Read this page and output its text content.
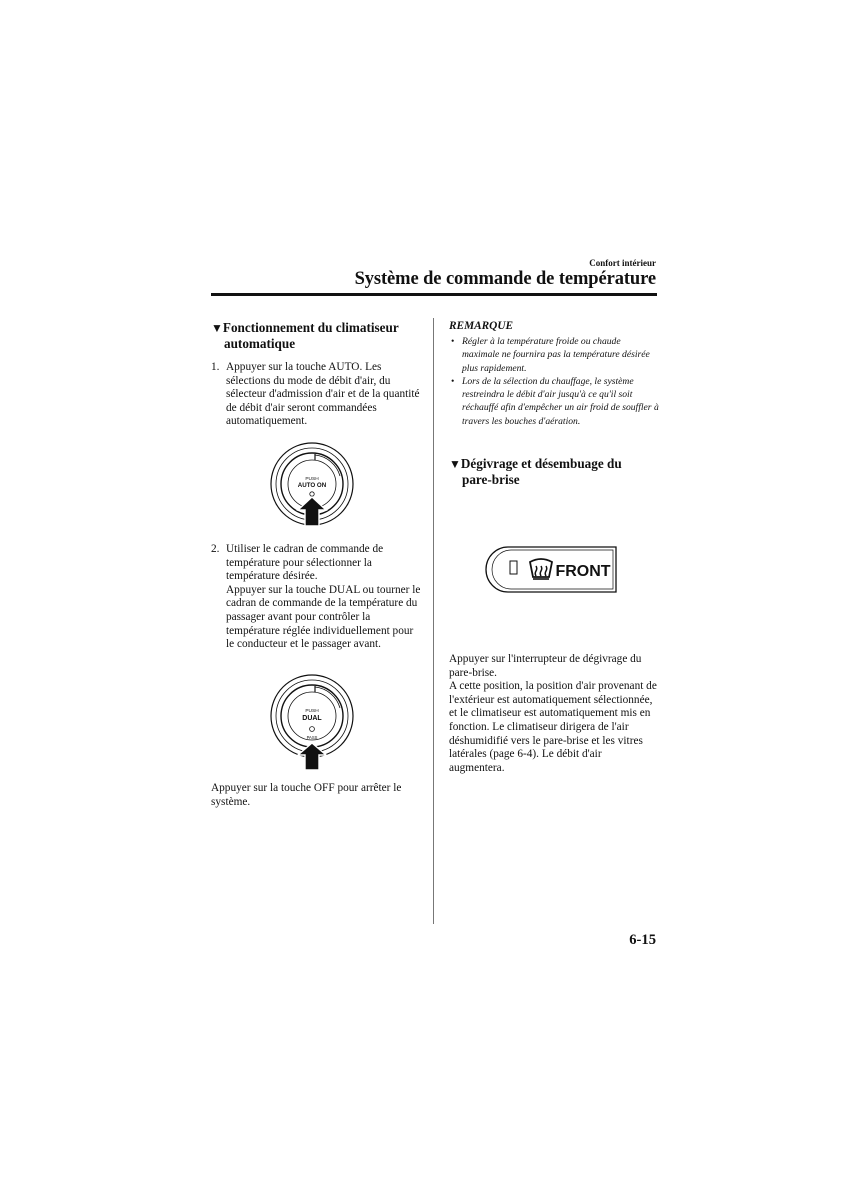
Confort intérieur
Système de commande de température
▼Fonctionnement du climatiseur
automatique
1. Appuyer sur la touche AUTO. Les sélections du mode de débit d'air, du sélecteur d'admission d'air et de la quantité de débit d'air seront commandées automatiquement.
PUSH
AUTO ON
2. Utiliser le cadran de commande de température pour sélectionner la température désirée.
Appuyer sur la touche DUAL ou tourner le cadran de commande de la température du passager avant pour contrôler la température réglée individuellement pour le conducteur et le passager avant.
PUSH
DUAL
PASS
Appuyer sur la touche OFF pour arrêter le système.
REMARQUE
• Régler à la température froide ou chaude maximale ne fournira pas la température désirée plus rapidement.
• Lors de la sélection du chauffage, le système restreindra le débit d'air jusqu'à ce qu'il soit réchauffé afin d'empêcher un air froid de souffler à travers les bouches d'aération.
▼Dégivrage et désembuage du
pare-brise
FRONT
Appuyer sur l'interrupteur de dégivrage du pare-brise.
A cette position, la position d'air provenant de l'extérieur est automatiquement sélectionnée, et le climatiseur est automatiquement mis en fonction. Le climatiseur dirigera de l'air déshumidifié vers le pare-brise et les vitres latérales (page 6-4). Le débit d'air augmentera.
6-15
